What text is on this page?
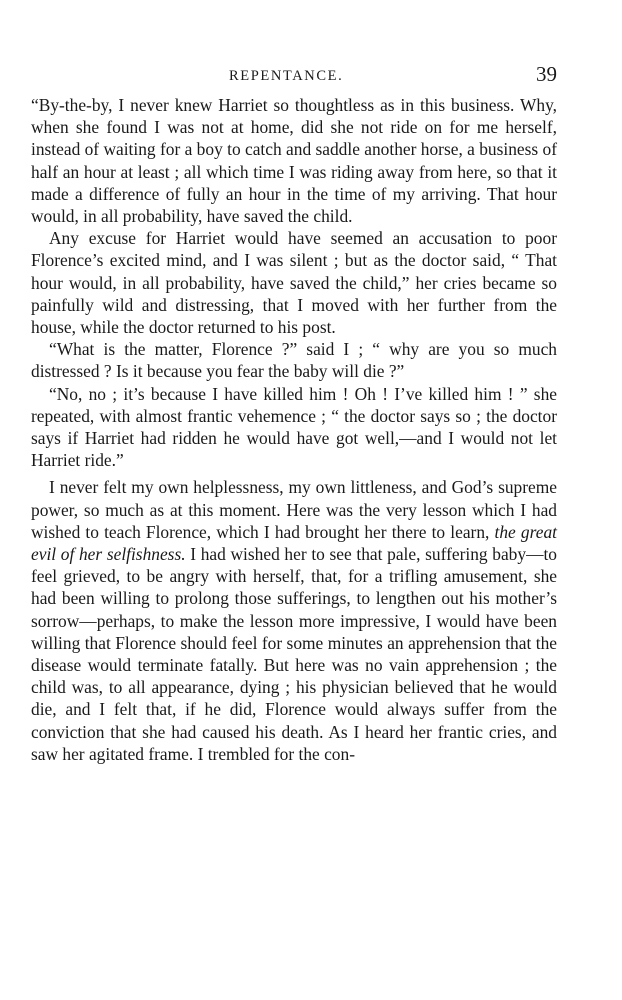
REPENTANCE.	39

“By-the-by, I never knew Harriet so thoughtless as in this business. Why, when she found I was not at home, did she not ride on for me herself, instead of waiting for a boy to catch and saddle another horse, a business of half an hour at least ; all which time I was riding away from here, so that it made a difference of fully an hour in the time of my arriving. That hour would, in all probability, have saved the child.

Any excuse for Harriet would have seemed an accusation to poor Florence’s excited mind, and I was silent ; but as the doctor said, “ That hour would, in all probability, have saved the child,” her cries became so painfully wild and distressing, that I moved with her further from the house, while the doctor returned to his post.

“What is the matter, Florence ?” said I ; “ why are you so much distressed ? Is it because you fear the baby will die ?”

“No, no ; it’s because I have killed him ! Oh ! I’ve killed him ! ” she repeated, with almost frantic vehemence ; “ the doctor says so ; the doctor says if Harriet had ridden he would have got well,—and I would not let Harriet ride.”

I never felt my own helplessness, my own littleness, and God’s supreme power, so much as at this moment. Here was the very lesson which I had wished to teach Florence, which I had brought her there to learn, the great evil of her selfishness. I had wished her to see that pale, suffering baby—to feel grieved, to be angry with herself, that, for a trifling amusement, she had been willing to prolong those sufferings, to lengthen out his mother’s sorrow—perhaps, to make the lesson more impressive, I would have been willing that Florence should feel for some minutes an apprehension that the disease would terminate fatally. But here was no vain apprehension ; the child was, to all appearance, dying ; his physician believed that he would die, and I felt that, if he did, Florence would always suffer from the conviction that she had caused his death. As I heard her frantic cries, and saw her agitated frame. I trembled for the con-
